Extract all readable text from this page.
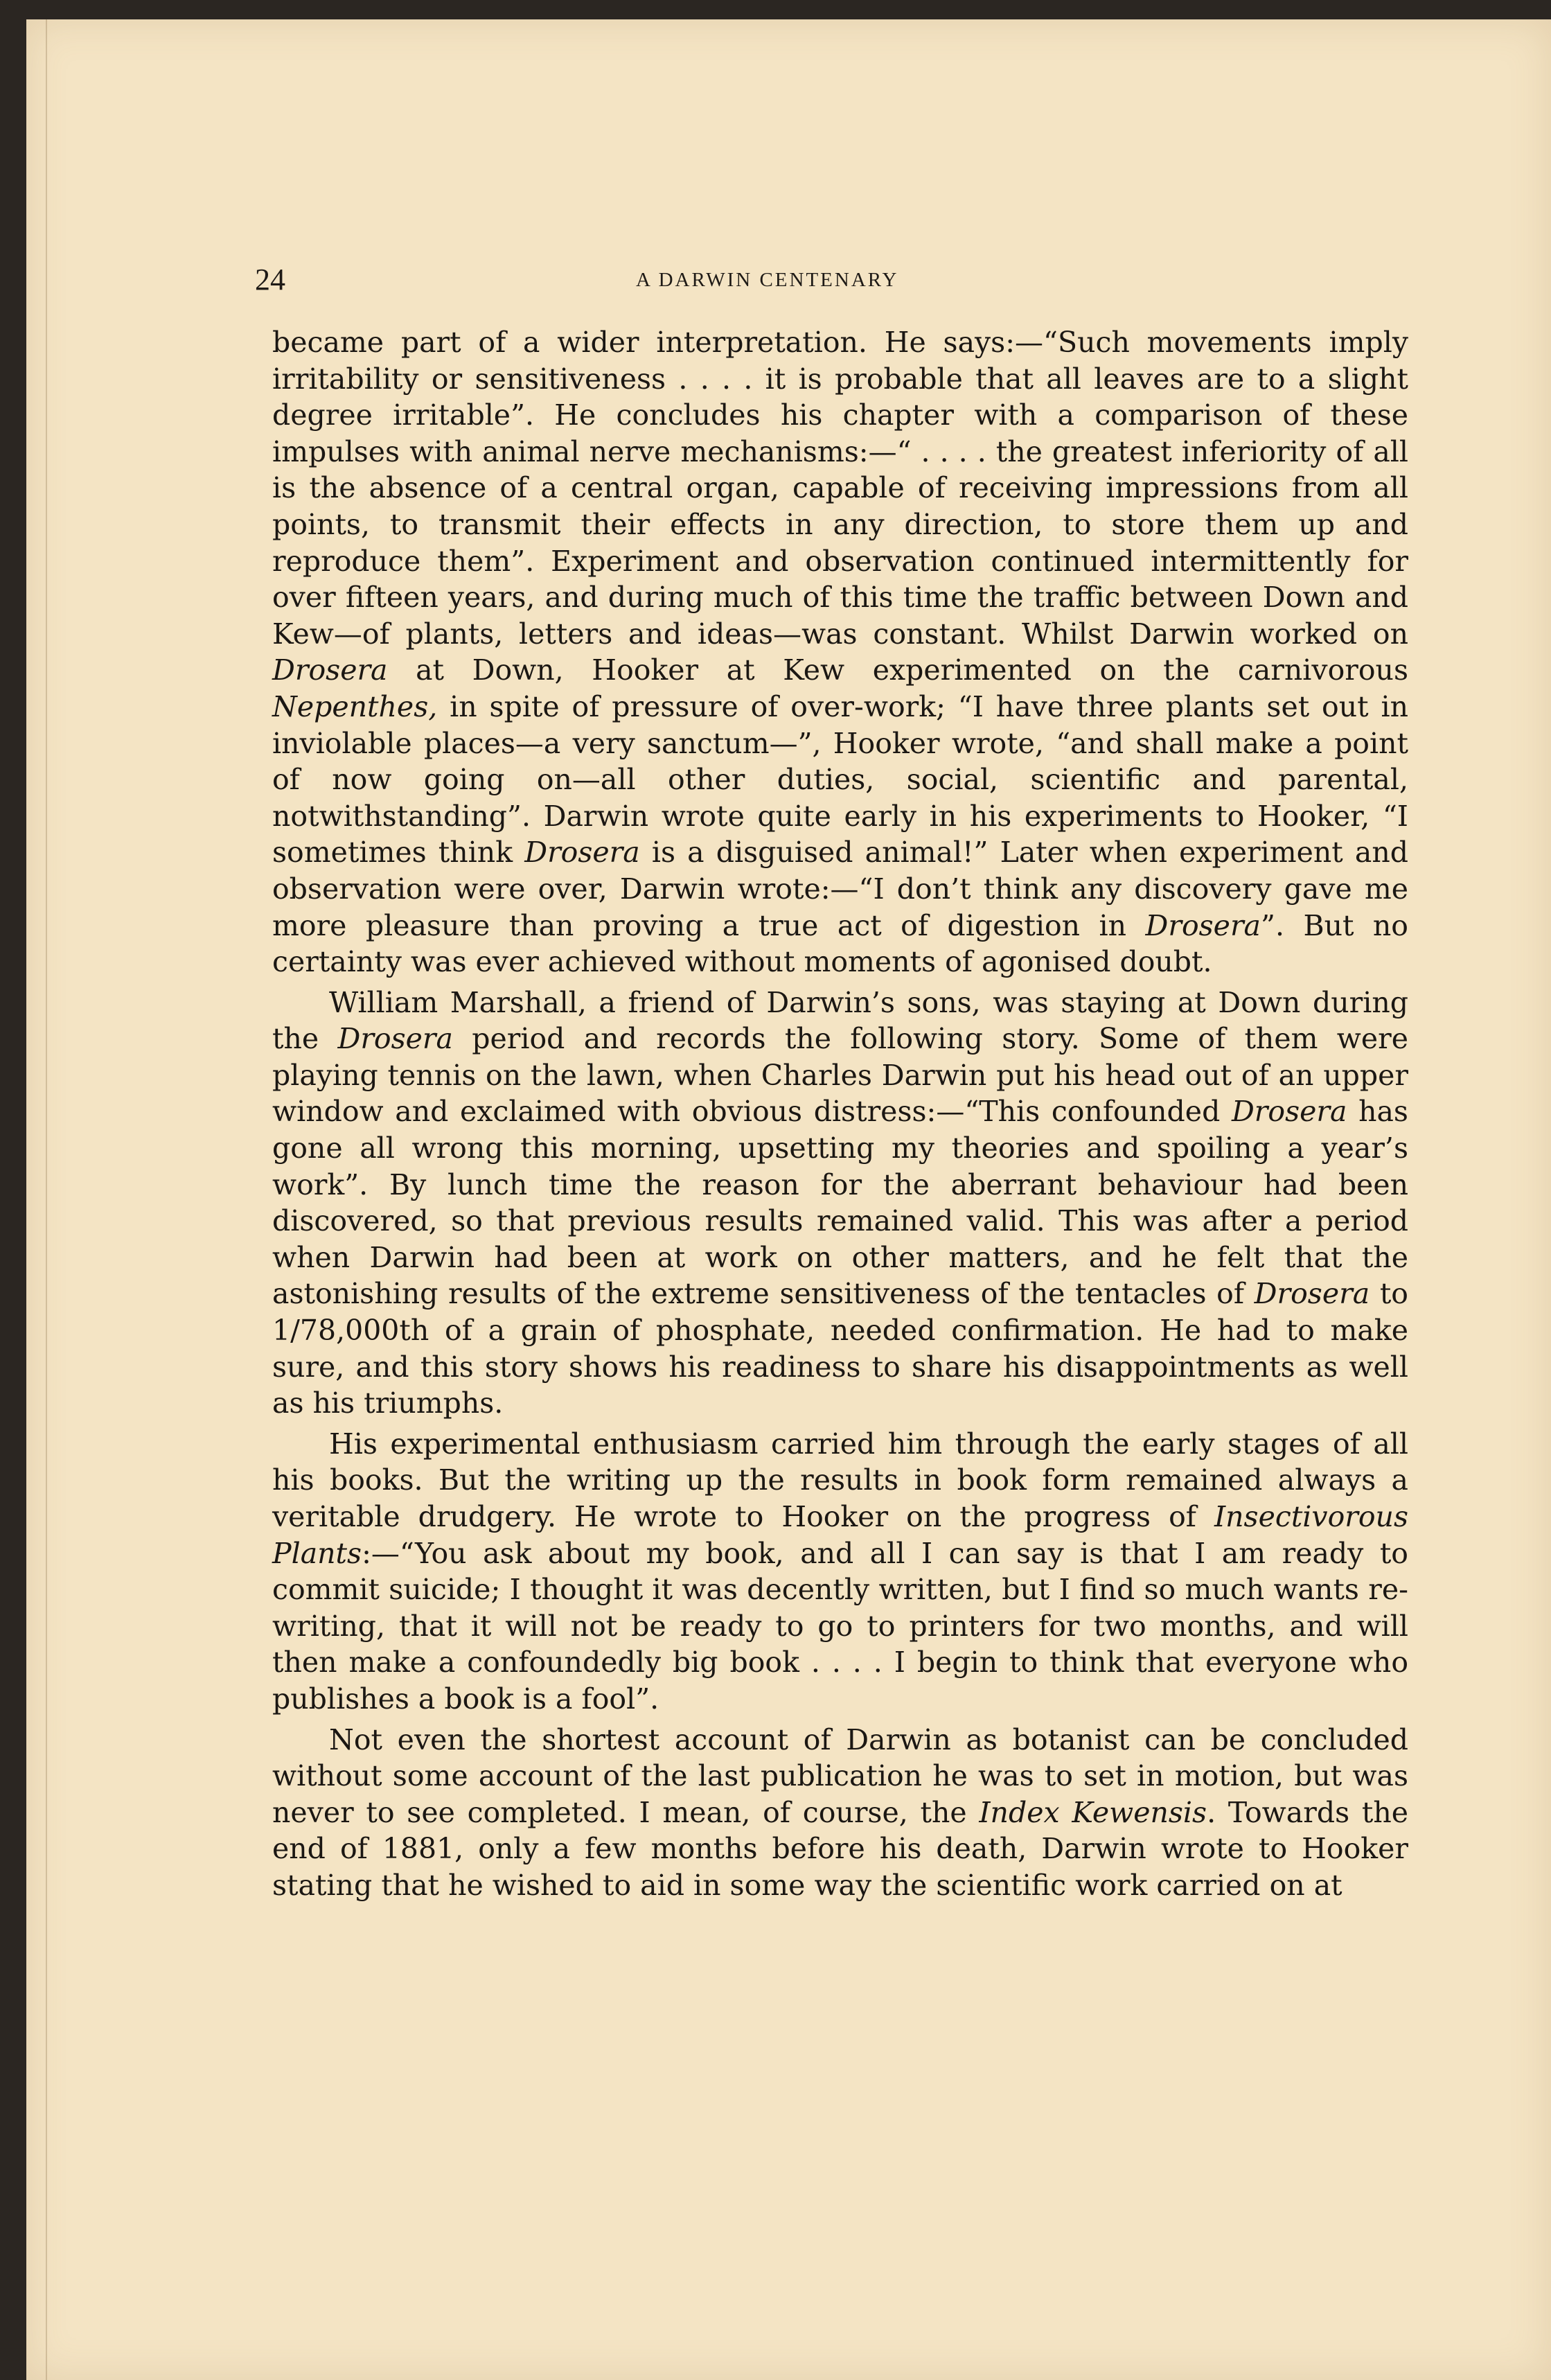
24	A DARWIN CENTENARY

became part of a wider interpretation. He says:—“Such movements imply irritability or sensitiveness . . . . it is probable that all leaves are to a slight degree irritable”. He concludes his chapter with a comparison of these impulses with animal nerve mechanisms:—“ . . . . the greatest inferiority of all is the absence of a central organ, capable of receiving impressions from all points, to transmit their effects in any direction, to store them up and reproduce them”. Experiment and observation continued intermittently for over fifteen years, and during much of this time the traffic between Down and Kew—of plants, letters and ideas—was constant. Whilst Darwin worked on Drosera at Down, Hooker at Kew experimented on the carnivorous Nepenthes, in spite of pressure of over-work; “I have three plants set out in inviolable places—a very sanctum—”, Hooker wrote, “and shall make a point of now going on—all other duties, social, scientific and parental, notwithstanding”. Darwin wrote quite early in his experiments to Hooker, “I sometimes think Drosera is a disguised animal!” Later when experiment and observation were over, Darwin wrote:—“I don’t think any discovery gave me more pleasure than proving a true act of digestion in Drosera”. But no certainty was ever achieved without moments of agonised doubt.

William Marshall, a friend of Darwin’s sons, was staying at Down during the Drosera period and records the following story. Some of them were playing tennis on the lawn, when Charles Darwin put his head out of an upper window and exclaimed with obvious distress:—“This confounded Drosera has gone all wrong this morning, upsetting my theories and spoiling a year’s work”. By lunch time the reason for the aberrant behaviour had been discovered, so that previous results remained valid. This was after a period when Darwin had been at work on other matters, and he felt that the astonishing results of the extreme sensitiveness of the tentacles of Drosera to 1/78,000th of a grain of phosphate, needed confirmation. He had to make sure, and this story shows his readiness to share his disappointments as well as his triumphs.

His experimental enthusiasm carried him through the early stages of all his books. But the writing up the results in book form remained always a veritable drudgery. He wrote to Hooker on the progress of Insectivorous Plants:—“You ask about my book, and all I can say is that I am ready to commit suicide; I thought it was decently written, but I find so much wants re-writing, that it will not be ready to go to printers for two months, and will then make a confoundedly big book . . . . I begin to think that everyone who publishes a book is a fool”.

Not even the shortest account of Darwin as botanist can be concluded without some account of the last publication he was to set in motion, but was never to see completed. I mean, of course, the Index Kewensis. Towards the end of 1881, only a few months before his death, Darwin wrote to Hooker stating that he wished to aid in some way the scientific work carried on at
